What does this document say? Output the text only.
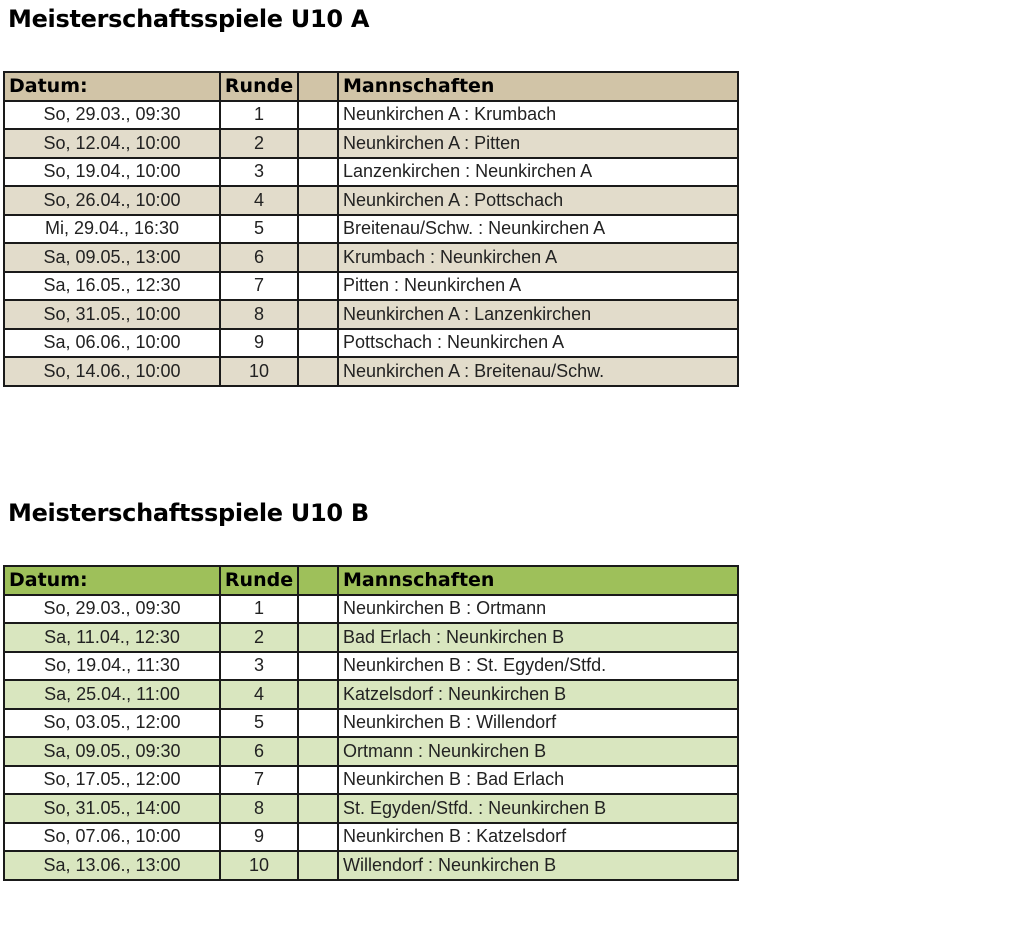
Meisterschaftsspiele U10 A
Datum:	Runde		Mannschaften
So, 29.03., 09:30	1		Neunkirchen A : Krumbach
So, 12.04., 10:00	2		Neunkirchen A : Pitten
So, 19.04., 10:00	3		Lanzenkirchen : Neunkirchen A
So, 26.04., 10:00	4		Neunkirchen A : Pottschach
Mi, 29.04., 16:30	5		Breitenau/Schw. : Neunkirchen A
Sa, 09.05., 13:00	6		Krumbach : Neunkirchen A
Sa, 16.05., 12:30	7		Pitten : Neunkirchen A
So, 31.05., 10:00	8		Neunkirchen A : Lanzenkirchen
Sa, 06.06., 10:00	9		Pottschach : Neunkirchen A
So, 14.06., 10:00	10		Neunkirchen A : Breitenau/Schw.
Meisterschaftsspiele U10 B
Datum:	Runde		Mannschaften
So, 29.03., 09:30	1		Neunkirchen B : Ortmann
Sa, 11.04., 12:30	2		Bad Erlach : Neunkirchen B
So, 19.04., 11:30	3		Neunkirchen B : St. Egyden/Stfd.
Sa, 25.04., 11:00	4		Katzelsdorf : Neunkirchen B
So, 03.05., 12:00	5		Neunkirchen B : Willendorf
Sa, 09.05., 09:30	6		Ortmann : Neunkirchen B
So, 17.05., 12:00	7		Neunkirchen B : Bad Erlach
So, 31.05., 14:00	8		St. Egyden/Stfd. : Neunkirchen B
So, 07.06., 10:00	9		Neunkirchen B : Katzelsdorf
Sa, 13.06., 13:00	10		Willendorf : Neunkirchen B
